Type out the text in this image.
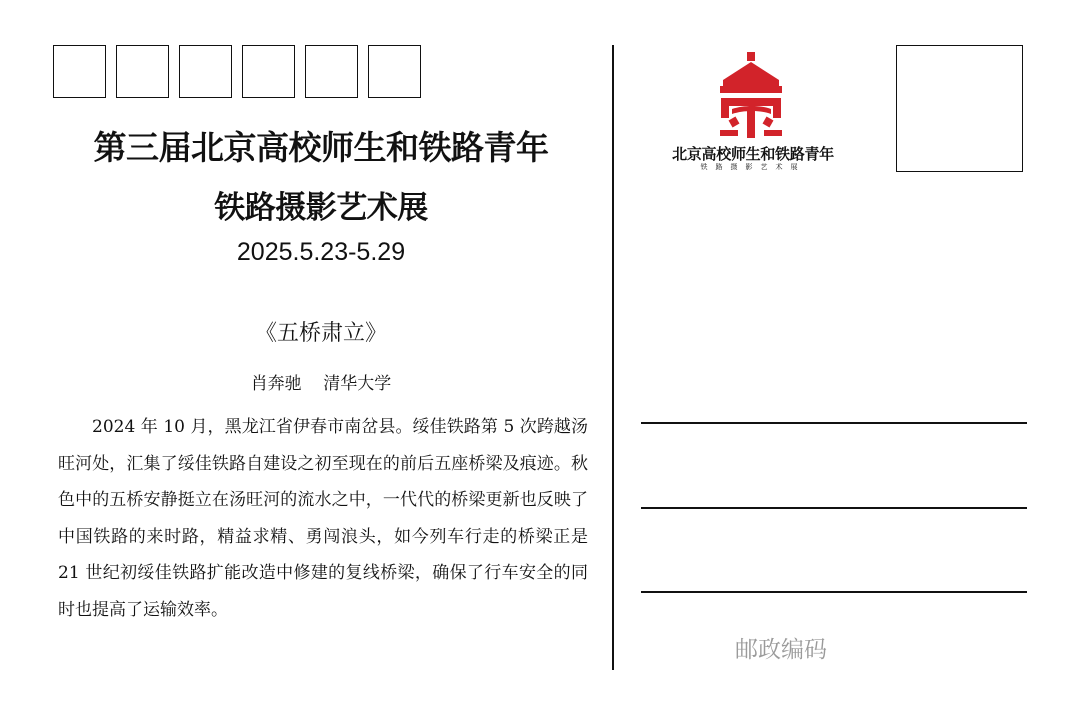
第三届北京高校师生和铁路青年
铁路摄影艺术展
2025.5.23-5.29
《五桥肃立》
肖奔驰    清华大学

2024 年 10 月，黑龙江省伊春市南岔县。绥佳铁路第 5 次跨越汤旺河处，汇集了绥佳铁路自建设之初至现在的前后五座桥梁及痕迹。秋色中的五桥安静挺立在汤旺河的流水之中，一代代的桥梁更新也反映了中国铁路的来时路，精益求精、勇闯浪头，如今列车行走的桥梁正是 21 世纪初绥佳铁路扩能改造中修建的复线桥梁，确保了行车安全的同时也提高了运输效率。

北京高校师生和铁路青年
铁路摄影艺术展
邮政编码
